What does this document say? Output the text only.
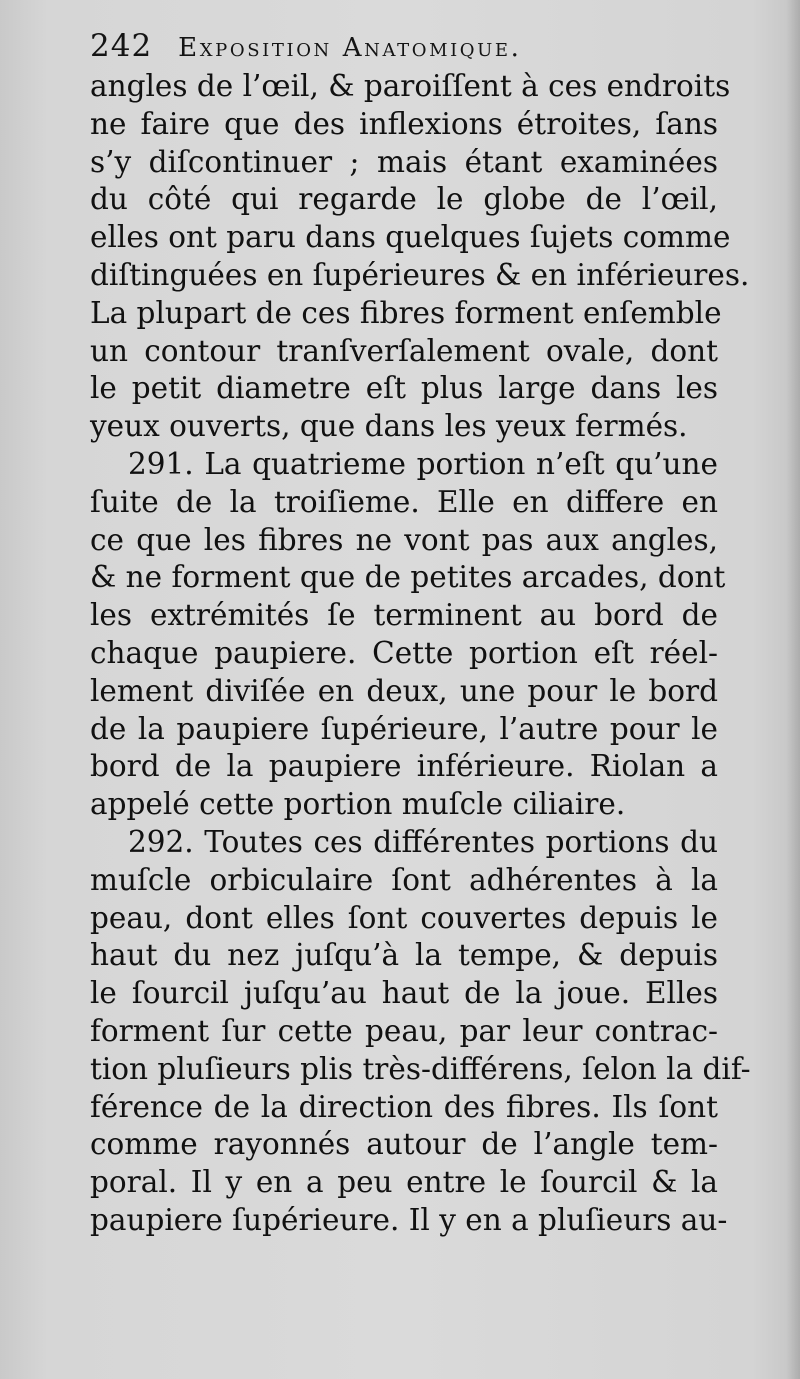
242 Exposition Anatomique.
angles de l’œil, & paroiſſent à ces endroits
ne faire que des inflexions étroites, ſans
s’y diſcontinuer ; mais étant examinées
du côté qui regarde le globe de l’œil,
elles ont paru dans quelques ſujets comme
diſtinguées en ſupérieures & en inférieures.
La plupart de ces fibres forment enſemble
un contour tranſverſalement ovale, dont
le petit diametre eſt plus large dans les
yeux ouverts, que dans les yeux fermés.
291. La quatrieme portion n’eſt qu’une
ſuite de la troiſieme. Elle en differe en
ce que les fibres ne vont pas aux angles,
& ne forment que de petites arcades, dont
les extrémités ſe terminent au bord de
chaque paupiere. Cette portion eſt réel-
lement diviſée en deux, une pour le bord
de la paupiere ſupérieure, l’autre pour le
bord de la paupiere inférieure. Riolan a
appelé cette portion muſcle ciliaire.
292. Toutes ces différentes portions du
muſcle orbiculaire ſont adhérentes à la
peau, dont elles ſont couvertes depuis le
haut du nez juſqu’à la tempe, & depuis
le ſourcil juſqu’au haut de la joue. Elles
forment ſur cette peau, par leur contrac-
tion pluſieurs plis très-différens, ſelon la dif-
férence de la direction des fibres. Ils ſont
comme rayonnés autour de l’angle tem-
poral. Il y en a peu entre le ſourcil & la
paupiere ſupérieure. Il y en a pluſieurs au-
